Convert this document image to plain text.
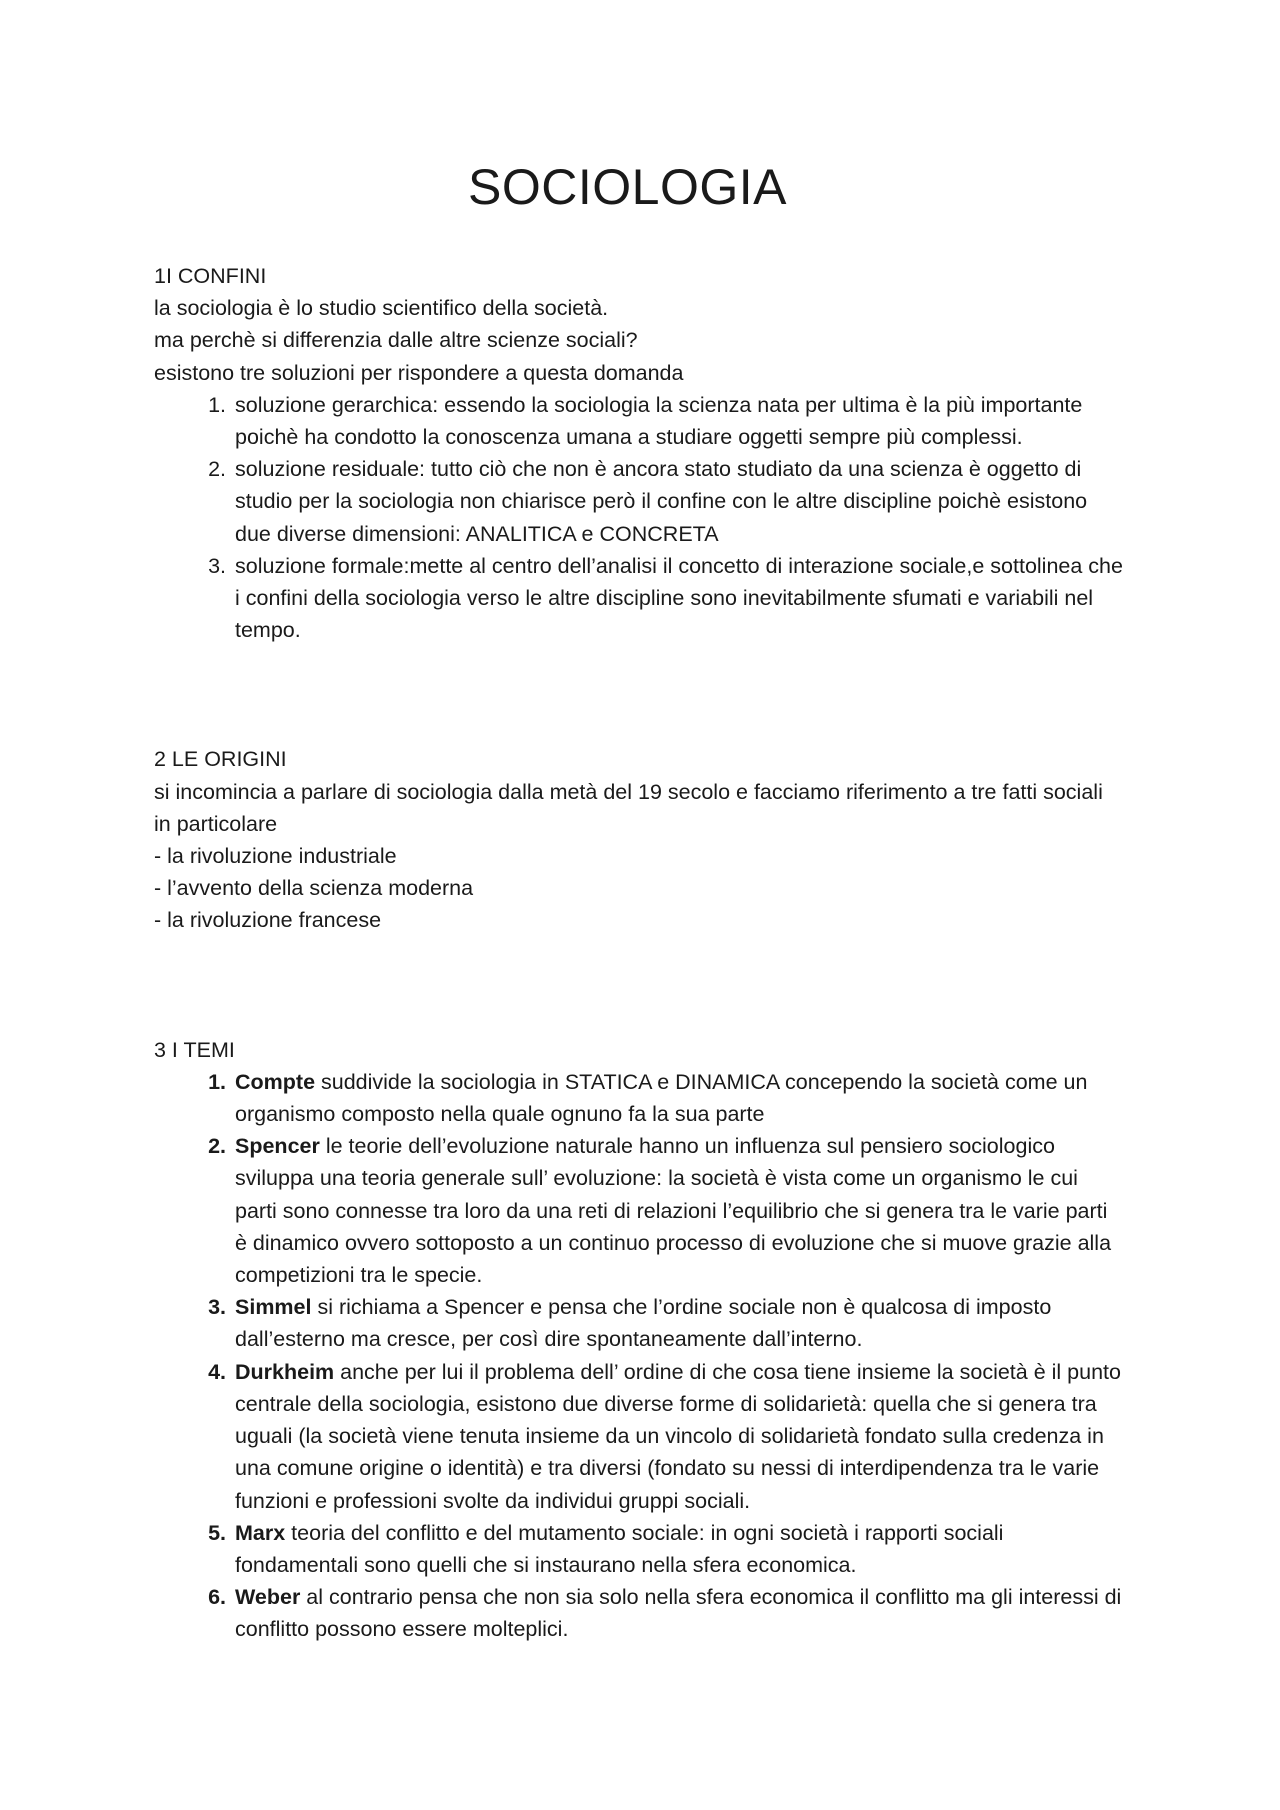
SOCIOLOGIA

1I CONFINI

la sociologia è lo studio scientifico della società.

ma perchè si differenzia dalle altre scienze sociali?

esistono tre soluzioni per rispondere a questa domanda

1. soluzione gerarchica: essendo la sociologia la scienza nata per ultima è la più importante poichè ha condotto la conoscenza umana a studiare oggetti sempre più complessi.
2. soluzione residuale: tutto ciò che non è ancora stato studiato da una scienza è oggetto di studio per la sociologia non chiarisce però il confine con le altre discipline poichè esistono due diverse dimensioni: ANALITICA e CONCRETA
3. soluzione formale:mette al centro dell’analisi il concetto di interazione sociale,e sottolinea che i confini della sociologia verso le altre discipline sono inevitabilmente sfumati e variabili nel tempo.

2 LE ORIGINI

si incomincia a parlare di sociologia dalla metà del 19 secolo e facciamo riferimento a tre fatti sociali in particolare

- la rivoluzione industriale

- l’avvento della scienza moderna

- la rivoluzione francese

3 I TEMI

1. Compte suddivide la sociologia in STATICA e DINAMICA concependo la società come un organismo composto nella quale ognuno fa la sua parte
2. Spencer le teorie dell’evoluzione naturale hanno un influenza sul pensiero sociologico sviluppa una teoria generale sull’ evoluzione: la società è vista come un organismo le cui parti sono connesse tra loro da una reti di relazioni l’equilibrio che si genera tra le varie parti è dinamico ovvero sottoposto a un continuo processo di evoluzione che si muove grazie alla competizioni tra le specie.
3. Simmel si richiama a Spencer e pensa che l’ordine sociale non è qualcosa di imposto dall’esterno ma cresce, per così dire spontaneamente dall’interno.
4. Durkheim anche per lui il problema dell’ ordine di che cosa tiene insieme la società è il punto centrale della sociologia, esistono due diverse forme di solidarietà: quella che si genera tra uguali (la società viene tenuta insieme da un vincolo di solidarietà fondato sulla credenza in una comune origine o identità) e tra diversi (fondato su nessi di interdipendenza tra le varie funzioni e professioni svolte da individui gruppi sociali.
5. Marx teoria del conflitto e del mutamento sociale: in ogni società i rapporti sociali fondamentali sono quelli che si instaurano nella sfera economica.
6. Weber al contrario pensa che non sia solo nella sfera economica il conflitto ma gli interessi di conflitto possono essere molteplici.
